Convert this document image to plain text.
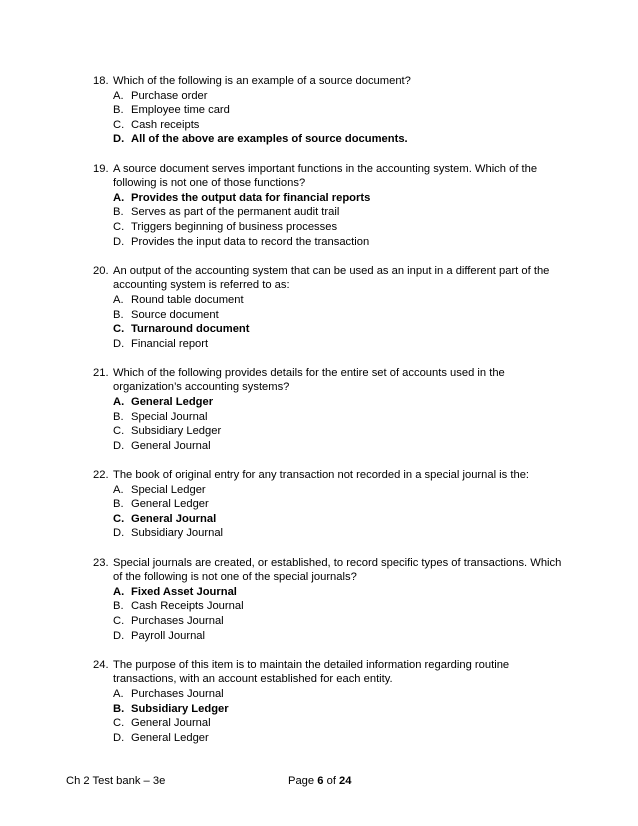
18. Which of the following is an example of a source document?
A. Purchase order
B. Employee time card
C. Cash receipts
D. All of the above are examples of source documents.
19. A source document serves important functions in the accounting system. Which of the following is not one of those functions?
A. Provides the output data for financial reports
B. Serves as part of the permanent audit trail
C. Triggers beginning of business processes
D. Provides the input data to record the transaction
20. An output of the accounting system that can be used as an input in a different part of the accounting system is referred to as:
A. Round table document
B. Source document
C. Turnaround document
D. Financial report
21. Which of the following provides details for the entire set of accounts used in the organization’s accounting systems?
A. General Ledger
B. Special Journal
C. Subsidiary Ledger
D. General Journal
22. The book of original entry for any transaction not recorded in a special journal is the:
A. Special Ledger
B. General Ledger
C. General Journal
D. Subsidiary Journal
23. Special journals are created, or established, to record specific types of transactions. Which of the following is not one of the special journals?
A. Fixed Asset Journal
B. Cash Receipts Journal
C. Purchases Journal
D. Payroll Journal
24. The purpose of this item is to maintain the detailed information regarding routine transactions, with an account established for each entity.
A. Purchases Journal
B. Subsidiary Ledger
C. General Journal
D. General Ledger
Ch 2 Test bank – 3e	Page 6 of 24
